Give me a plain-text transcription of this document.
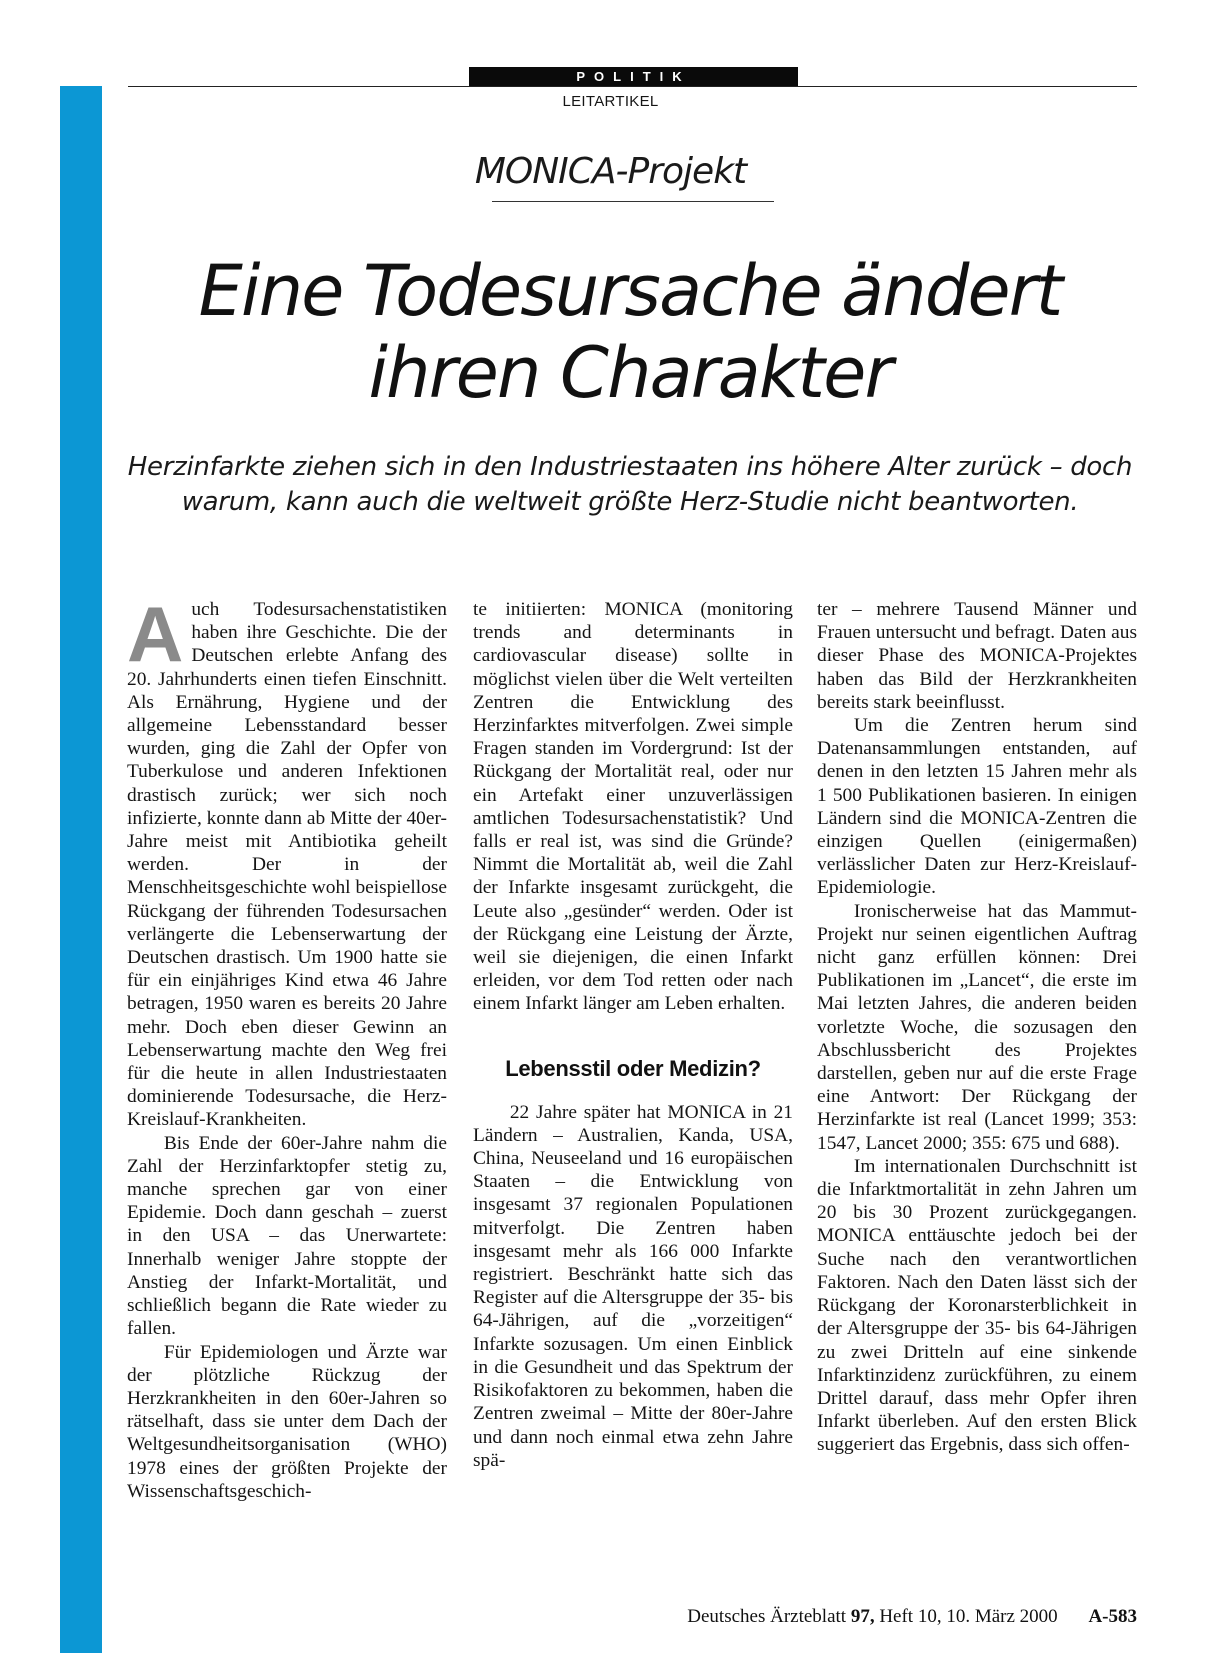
POLITIK
LEITARTIKEL
MONICA-Projekt
Eine Todesursache ändert
ihren Charakter
Herzinfarkte ziehen sich in den Industriestaaten ins höhere Alter zurück – doch
warum, kann auch die weltweit größte Herz-Studie nicht beantworten.

Auch Todesursachenstatistiken haben ihre Geschichte. Die der Deutschen erlebte Anfang des 20. Jahrhunderts einen tiefen Einschnitt. Als Ernährung, Hygiene und der allgemeine Lebensstandard besser wurden, ging die Zahl der Opfer von Tuberkulose und anderen Infektionen drastisch zurück; wer sich noch infizierte, konnte dann ab Mitte der 40er-Jahre meist mit Antibiotika geheilt werden. Der in der Menschheitsgeschichte wohl beispiellose Rückgang der führenden Todesursachen verlängerte die Lebenserwartung der Deutschen drastisch. Um 1900 hatte sie für ein einjähriges Kind etwa 46 Jahre betragen, 1950 waren es bereits 20 Jahre mehr. Doch eben dieser Gewinn an Lebenserwartung machte den Weg frei für die heute in allen Industriestaaten dominierende Todesursache, die Herz-Kreislauf-Krankheiten.

Bis Ende der 60er-Jahre nahm die Zahl der Herzinfarktopfer stetig zu, manche sprechen gar von einer Epidemie. Doch dann geschah – zuerst in den USA – das Unerwartete: Innerhalb weniger Jahre stoppte der Anstieg der Infarkt-Mortalität, und schließlich begann die Rate wieder zu fallen.

Für Epidemiologen und Ärzte war der plötzliche Rückzug der Herzkrankheiten in den 60er-Jahren so rätselhaft, dass sie unter dem Dach der Weltgesundheitsorganisation (WHO) 1978 eines der größten Projekte der Wissenschaftsgeschich-

te initiierten: MONICA (monitoring trends and determinants in cardiovascular disease) sollte in möglichst vielen über die Welt verteilten Zentren die Entwicklung des Herzinfarktes mitverfolgen. Zwei simple Fragen standen im Vordergrund: Ist der Rückgang der Mortalität real, oder nur ein Artefakt einer unzuverlässigen amtlichen Todesursachenstatistik? Und falls er real ist, was sind die Gründe? Nimmt die Mortalität ab, weil die Zahl der Infarkte insgesamt zurückgeht, die Leute also „gesünder“ werden. Oder ist der Rückgang eine Leistung der Ärzte, weil sie diejenigen, die einen Infarkt erleiden, vor dem Tod retten oder nach einem Infarkt länger am Leben erhalten.

Lebensstil oder Medizin?

22 Jahre später hat MONICA in 21 Ländern – Australien, Kanda, USA, China, Neuseeland und 16 europäischen Staaten – die Entwicklung von insgesamt 37 regionalen Populationen mitverfolgt. Die Zentren haben insgesamt mehr als 166 000 Infarkte registriert. Beschränkt hatte sich das Register auf die Altersgruppe der 35- bis 64-Jährigen, auf die „vorzeitigen“ Infarkte sozusagen. Um einen Einblick in die Gesundheit und das Spektrum der Risikofaktoren zu bekommen, haben die Zentren zweimal – Mitte der 80er-Jahre und dann noch einmal etwa zehn Jahre spä-

ter – mehrere Tausend Männer und Frauen untersucht und befragt. Daten aus dieser Phase des MONICA-Projektes haben das Bild der Herzkrankheiten bereits stark beeinflusst.

Um die Zentren herum sind Datenansammlungen entstanden, auf denen in den letzten 15 Jahren mehr als 1 500 Publikationen basieren. In einigen Ländern sind die MONICA-Zentren die einzigen Quellen (einigermaßen) verlässlicher Daten zur Herz-Kreislauf-Epidemiologie.

Ironischerweise hat das Mammut-Projekt nur seinen eigentlichen Auftrag nicht ganz erfüllen können: Drei Publikationen im „Lancet“, die erste im Mai letzten Jahres, die anderen beiden vorletzte Woche, die sozusagen den Abschlussbericht des Projektes darstellen, geben nur auf die erste Frage eine Antwort: Der Rückgang der Herzinfarkte ist real (Lancet 1999; 353: 1547, Lancet 2000; 355: 675 und 688).

Im internationalen Durchschnitt ist die Infarktmortalität in zehn Jahren um 20 bis 30 Prozent zurückgegangen. MONICA enttäuschte jedoch bei der Suche nach den verantwortlichen Faktoren. Nach den Daten lässt sich der Rückgang der Koronarsterblichkeit in der Altersgruppe der 35- bis 64-Jährigen zu zwei Dritteln auf eine sinkende Infarktinzidenz zurückführen, zu einem Drittel darauf, dass mehr Opfer ihren Infarkt überleben. Auf den ersten Blick suggeriert das Ergebnis, dass sich offen-

Deutsches Ärzteblatt 97, Heft 10, 10. März 2000 A-583
